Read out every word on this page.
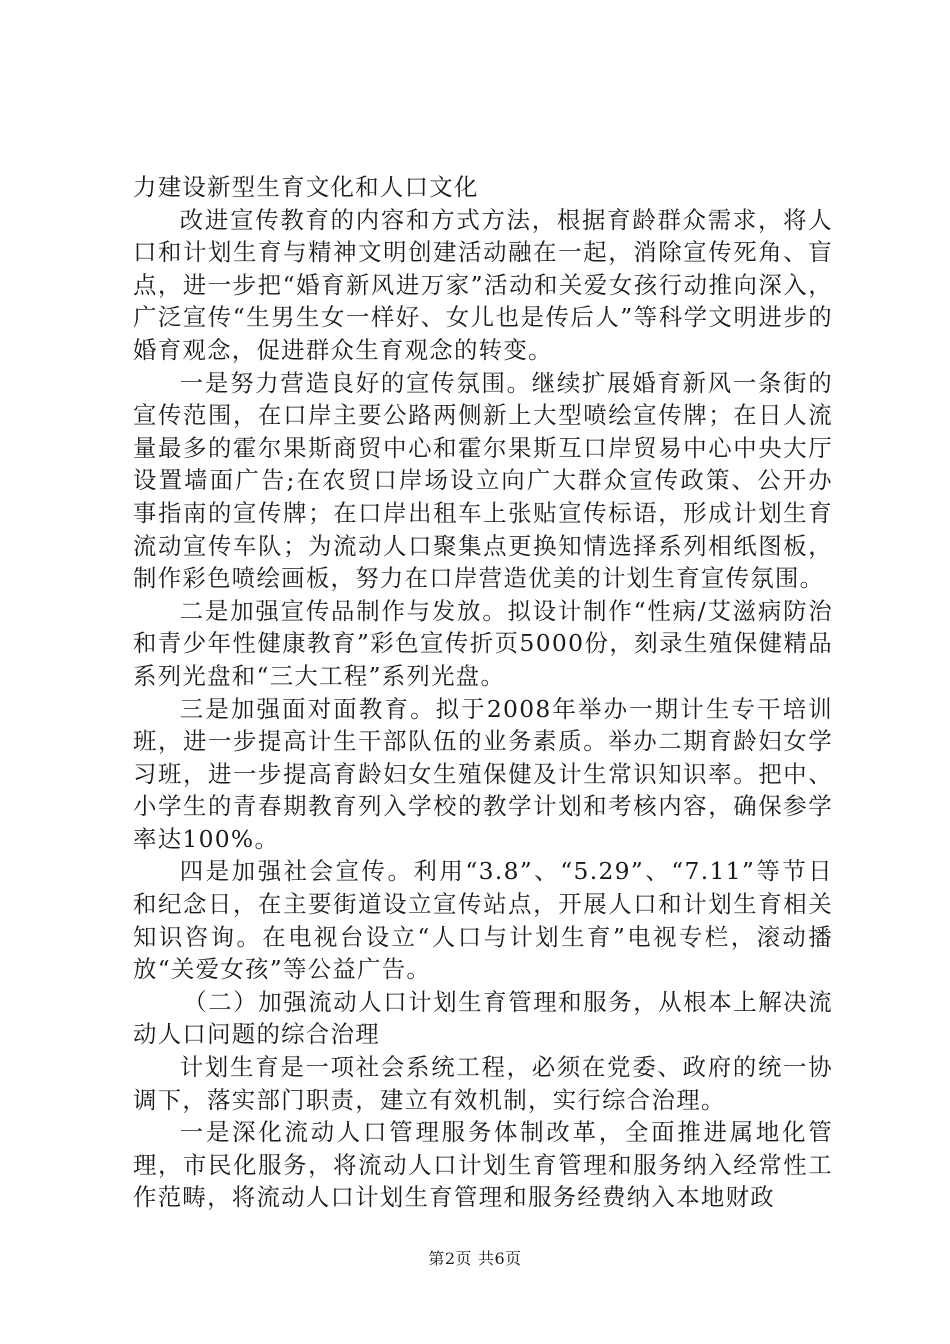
力建设新型生育文化和人口文化

改进宣传教育的内容和方式方法，根据育龄群众需求，将人口和计划生育与精神文明创建活动融在一起，消除宣传死角、盲点，进一步把“婚育新风进万家”活动和关爱女孩行动推向深入，广泛宣传“生男生女一样好、女儿也是传后人”等科学文明进步的婚育观念，促进群众生育观念的转变。

一是努力营造良好的宣传氛围。继续扩展婚育新风一条街的宣传范围，在口岸主要公路两侧新上大型喷绘宣传牌；在日人流量最多的霍尔果斯商贸中心和霍尔果斯互口岸贸易中心中央大厅设置墙面广告;在农贸口岸场设立向广大群众宣传政策、公开办事指南的宣传牌；在口岸出租车上张贴宣传标语，形成计划生育流动宣传车队；为流动人口聚集点更换知情选择系列相纸图板，制作彩色喷绘画板，努力在口岸营造优美的计划生育宣传氛围。

二是加强宣传品制作与发放。拟设计制作“性病/艾滋病防治和青少年性健康教育”彩色宣传折页5000份，刻录生殖保健精品系列光盘和“三大工程”系列光盘。

三是加强面对面教育。拟于2008年举办一期计生专干培训班，进一步提高计生干部队伍的业务素质。举办二期育龄妇女学习班，进一步提高育龄妇女生殖保健及计生常识知识率。把中、小学生的青春期教育列入学校的教学计划和考核内容，确保参学率达100%。

四是加强社会宣传。利用“3.8”、“5.29”、“7.11”等节日和纪念日，在主要街道设立宣传站点，开展人口和计划生育相关知识咨询。在电视台设立“人口与计划生育”电视专栏，滚动播放“关爱女孩”等公益广告。

（二）加强流动人口计划生育管理和服务，从根本上解决流动人口问题的综合治理

计划生育是一项社会系统工程，必须在党委、政府的统一协调下，落实部门职责，建立有效机制，实行综合治理。

一是深化流动人口管理服务体制改革，全面推进属地化管理，市民化服务，将流动人口计划生育管理和服务纳入经常性工作范畴，将流动人口计划生育管理和服务经费纳入本地财政

第2页 共6页
